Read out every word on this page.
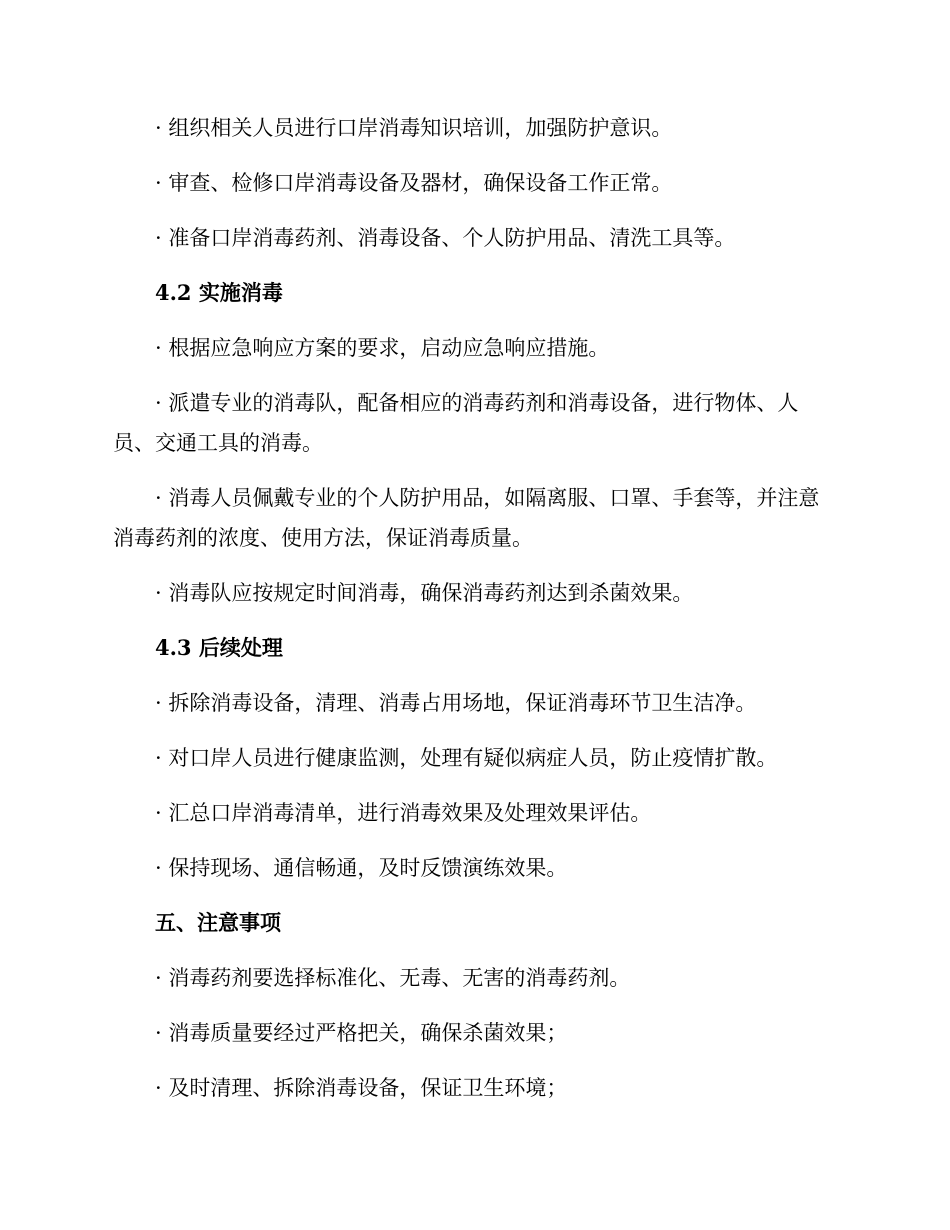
· 组织相关人员进行口岸消毒知识培训，加强防护意识。

· 审查、检修口岸消毒设备及器材，确保设备工作正常。

· 准备口岸消毒药剂、消毒设备、个人防护用品、清洗工具等。

4.2 实施消毒

· 根据应急响应方案的要求，启动应急响应措施。

· 派遣专业的消毒队，配备相应的消毒药剂和消毒设备，进行物体、人员、交通工具的消毒。

· 消毒人员佩戴专业的个人防护用品，如隔离服、口罩、手套等，并注意消毒药剂的浓度、使用方法，保证消毒质量。

· 消毒队应按规定时间消毒，确保消毒药剂达到杀菌效果。

4.3 后续处理

· 拆除消毒设备，清理、消毒占用场地，保证消毒环节卫生洁净。

· 对口岸人员进行健康监测，处理有疑似病症人员，防止疫情扩散。

· 汇总口岸消毒清单，进行消毒效果及处理效果评估。

· 保持现场、通信畅通，及时反馈演练效果。

五、注意事项

· 消毒药剂要选择标准化、无毒、无害的消毒药剂。

· 消毒质量要经过严格把关，确保杀菌效果；

· 及时清理、拆除消毒设备，保证卫生环境；
